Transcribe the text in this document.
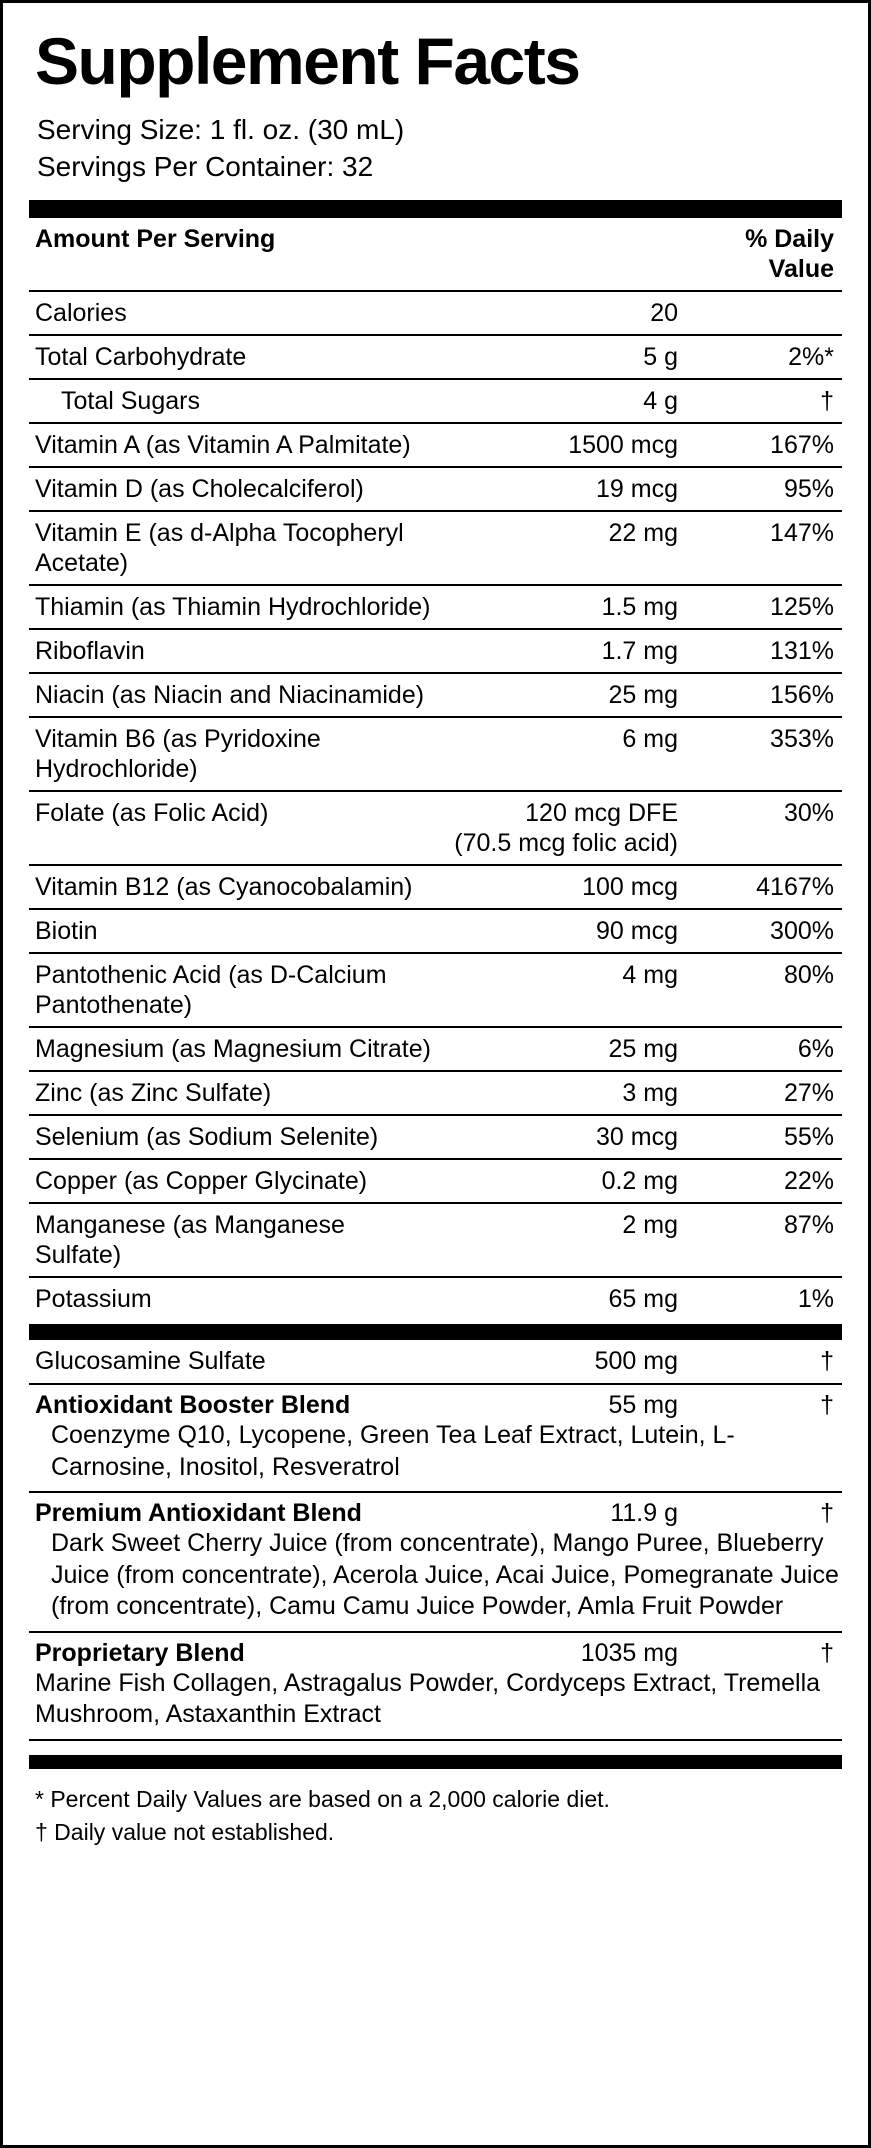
Supplement Facts
Serving Size: 1 fl. oz. (30 mL)
Servings Per Container: 32
Amount Per Serving		% Daily Value
Calories	20	
Total Carbohydrate	5 g	2%*
Total Sugars	4 g	†
Vitamin A (as Vitamin A Palmitate)	1500 mcg	167%
Vitamin D (as Cholecalciferol)	19 mcg	95%
Vitamin E (as d-Alpha Tocopheryl Acetate)	22 mg	147%
Thiamin (as Thiamin Hydrochloride)	1.5 mg	125%
Riboflavin	1.7 mg	131%
Niacin (as Niacin and Niacinamide)	25 mg	156%
Vitamin B6 (as Pyridoxine Hydrochloride)	6 mg	353%
Folate (as Folic Acid)	120 mcg DFE	30%
	(70.5 mcg folic acid)	
Vitamin B12 (as Cyanocobalamin)	100 mcg	4167%
Biotin	90 mcg	300%
Pantothenic Acid (as D-Calcium Pantothenate)	4 mg	80%
Magnesium (as Magnesium Citrate)	25 mg	6%
Zinc (as Zinc Sulfate)	3 mg	27%
Selenium (as Sodium Selenite)	30 mcg	55%
Copper (as Copper Glycinate)	0.2 mg	22%
Manganese (as Manganese Sulfate)	2 mg	87%
Potassium	65 mg	1%
Glucosamine Sulfate	500 mg	†
Antioxidant Booster Blend	55 mg	†
Coenzyme Q10, Lycopene, Green Tea Leaf Extract, Lutein, L-Carnosine, Inositol, Resveratrol
Premium Antioxidant Blend	11.9 g	†
Dark Sweet Cherry Juice (from concentrate), Mango Puree, Blueberry Juice (from concentrate), Acerola Juice, Acai Juice, Pomegranate Juice (from concentrate), Camu Camu Juice Powder, Amla Fruit Powder
Proprietary Blend	1035 mg	†
Marine Fish Collagen, Astragalus Powder, Cordyceps Extract, Tremella Mushroom, Astaxanthin Extract
* Percent Daily Values are based on a 2,000 calorie diet.
† Daily value not established.
